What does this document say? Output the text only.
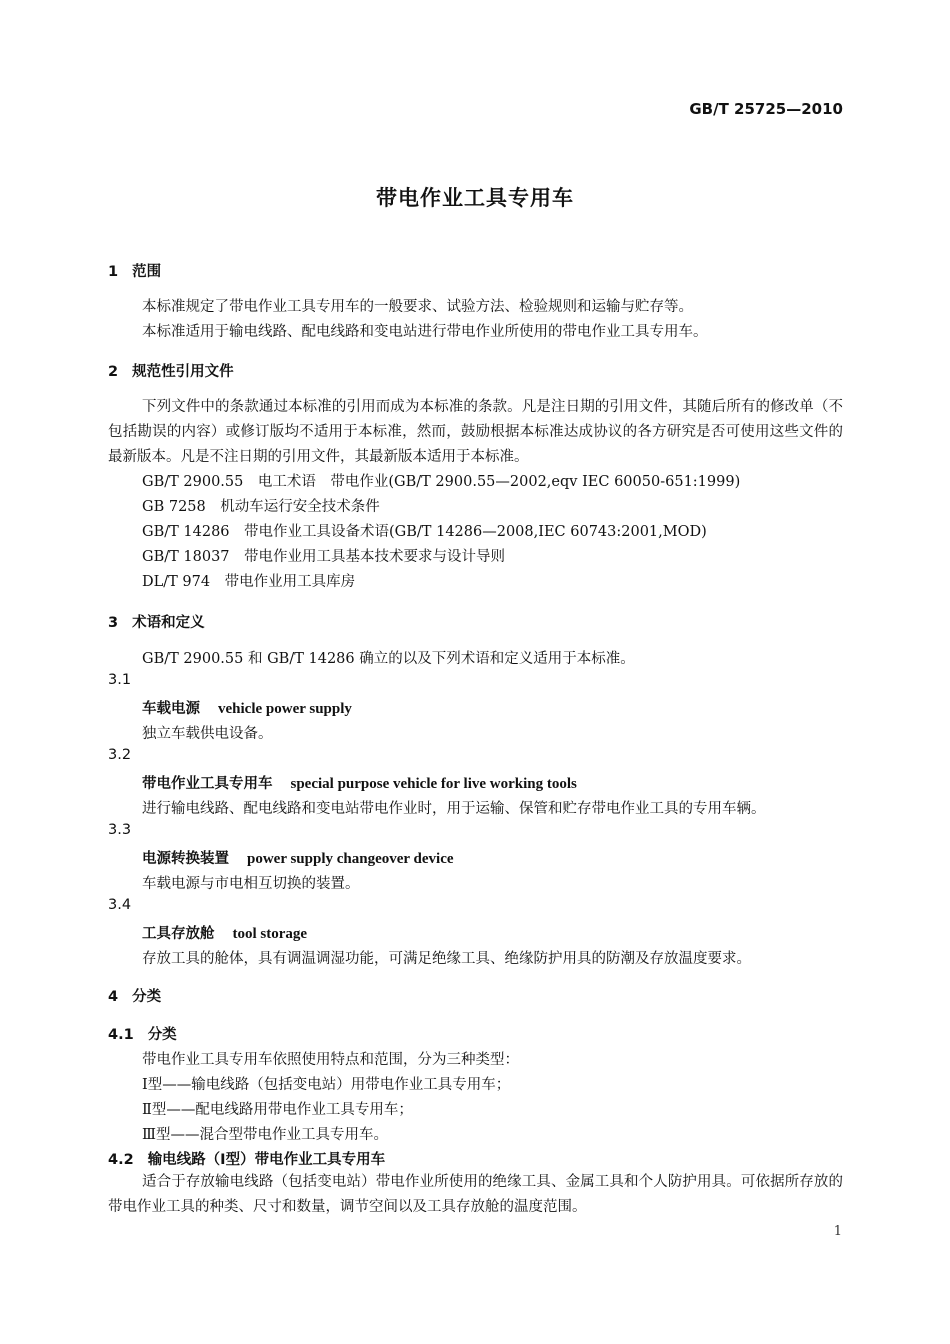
GB/T 25725—2010
带电作业工具专用车
1 范围
本标准规定了带电作业工具专用车的一般要求、试验方法、检验规则和运输与贮存等。
本标准适用于输电线路、配电线路和变电站进行带电作业所使用的带电作业工具专用车。
2 规范性引用文件
下列文件中的条款通过本标准的引用而成为本标准的条款。凡是注日期的引用文件，其随后所有的修改单（不包括勘误的内容）或修订版均不适用于本标准，然而，鼓励根据本标准达成协议的各方研究是否可使用这些文件的最新版本。凡是不注日期的引用文件，其最新版本适用于本标准。
GB/T 2900.55　 电工术语　带电作业(GB/T 2900.55—2002,eqv IEC 60050-651:1999)
GB 7258　 机动车运行安全技术条件
GB/T 14286　 带电作业工具设备术语(GB/T 14286—2008,IEC 60743:2001,MOD)
GB/T 18037　 带电作业用工具基本技术要求与设计导则
DL/T 974　 带电作业用工具库房
3 术语和定义
GB/T 2900.55 和 GB/T 14286 确立的以及下列术语和定义适用于本标准。
3.1
车载电源 vehicle power supply
独立车载供电设备。
3.2
带电作业工具专用车 special purpose vehicle for live working tools
进行输电线路、配电线路和变电站带电作业时，用于运输、保管和贮存带电作业工具的专用车辆。
3.3
电源转换装置 power supply changeover device
车载电源与市电相互切换的装置。
3.4
工具存放舱 tool storage
存放工具的舱体，具有调温调湿功能，可满足绝缘工具、绝缘防护用具的防潮及存放温度要求。
4 分类
4.1 分类
带电作业工具专用车依照使用特点和范围，分为三种类型：
Ⅰ型——输电线路（包括变电站）用带电作业工具专用车；
Ⅱ型——配电线路用带电作业工具专用车；
Ⅲ型——混合型带电作业工具专用车。
4.2 输电线路（Ⅰ型）带电作业工具专用车
适合于存放输电线路（包括变电站）带电作业所使用的绝缘工具、金属工具和个人防护用具。可依据所存放的带电作业工具的种类、尺寸和数量，调节空间以及工具存放舱的温度范围。
1
